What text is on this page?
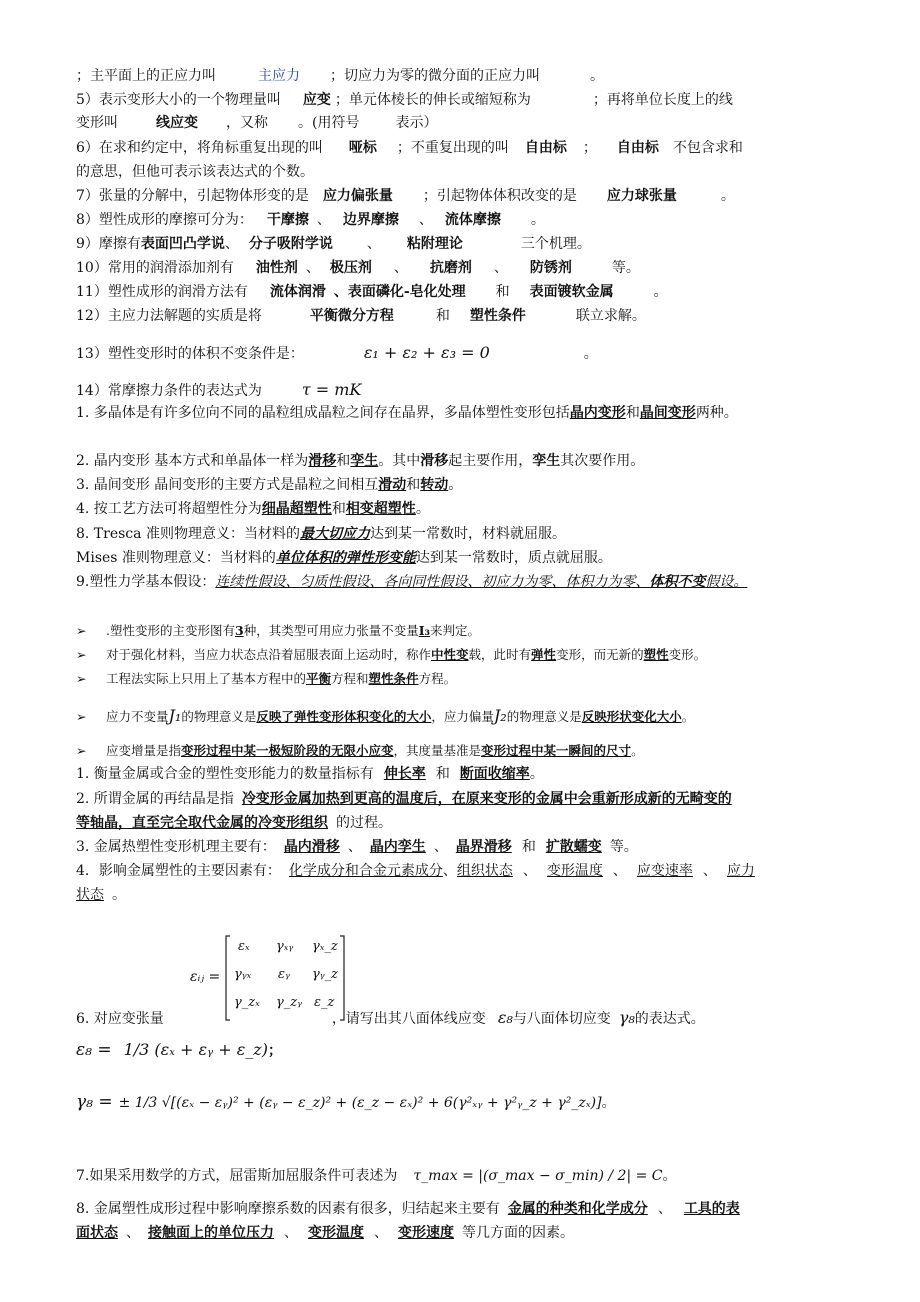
；主平面上的正应力叫	主应力 ；切应力为零的微分面的正应力叫	。
5）表示变形大小的一个物理量叫 应变 ；单元体棱长的伸长或缩短称为	；再将单位长度上的线
变形叫	线应变 ，又称 。(用符号	表示）
6）在求和约定中，将角标重复出现的叫 哑标 ；不重复出现的叫 自由标 ； 自由标 不包含求和
的意思，但他可表示该表达式的个数。
7）张量的分解中，引起物体形变的是 应力偏张量 ；引起物体体积改变的是 应力球张量	。
8）塑性成形的摩擦可分为： 干摩擦 、 边界摩擦 、 流体摩擦 。
9）摩擦有表面凹凸学说、 分子吸附学说 、 粘附理论	三个机理。
10）常用的润滑添加剂有 油性剂 、 极压剂 、 抗磨剂 、 防锈剂	等。
11）塑性成形的润滑方法有 流体润滑 、表面磷化-皂化处理 和 表面镀软金属	。
12）主应力法解题的实质是将	平衡微分方程	和 塑性条件	联立求解。
13）塑性变形时的体积不变条件是：	ε₁ + ε₂ + ε₃ = 0	。
14）常摩擦力条件的表达式为	τ = mK
1. 多晶体是有许多位向不同的晶粒组成晶粒之间存在晶界，多晶体塑性变形包括晶内变形和晶间变形两种。
2. 晶内变形 基本方式和单晶体一样为滑移和孪生。其中滑移起主要作用，孪生其次要作用。
3. 晶间变形 晶间变形的主要方式是晶粒之间相互滑动和转动。
4. 按工艺方法可将超塑性分为细晶超塑性和相变超塑性。
8. Tresca 准则物理意义：当材料的最大切应力达到某一常数时，材料就屈服。
Mises 准则物理意义：当材料的单位体积的弹性形变能达到某一常数时，质点就屈服。
9.塑性力学基本假设：连续性假设、匀质性假设、各向同性假设、初应力为零、体积力为零、体积不变假设。
➢ .塑性变形的主变形图有3种，其类型可用应力张量不变量I₃来判定。
➢ 对于强化材料，当应力状态点沿着屈服表面上运动时，称作中性变载，此时有弹性变形，而无新的塑性变形。
➢ 工程法实际上只用上了基本方程中的平衡方程和塑性条件方程。
➢ 应力不变量J₁的物理意义是反映了弹性变形体积变化的大小，应力偏量J₂的物理意义是反映形状变化大小。
➢ 应变增量是指变形过程中某一极短阶段的无限小应变，其度量基准是变形过程中某一瞬间的尺寸。
1. 衡量金属或合金的塑性变形能力的数量指标有 伸长率 和 断面收缩率。
2. 所谓金属的再结晶是指 冷变形金属加热到更高的温度后，在原来变形的金属中会重新形成新的无畸变的
等轴晶，直至完全取代金属的冷变形组织 的过程。
3. 金属热塑性变形机理主要有： 晶内滑移 、 晶内孪生 、 晶界滑移 和 扩散蠕变 等。
4．影响金属塑性的主要因素有： 化学成分和合金元素成分、组织状态 、 变形温度 、 应变速率 、 应力
状态 。
εᵢⱼ =
εₓ γₓᵧ γₓ_z
γᵧₓ εᵧ γᵧ_z
γ_zₓ γ_zᵧ ε_z
6. 对应变张量	，请写出其八面体线应变 ε₈与八面体切应变 γ₈的表达式。
ε₈ = 1/3 (εₓ + εᵧ + ε_z)；
γ₈ = ± 1/3 √[(εₓ − εᵧ)² + (εᵧ − ε_z)² + (ε_z − εₓ)² + 6(γ²ₓᵧ + γ²ᵧ_z + γ²_zₓ)]。
7.如果采用数学的方式，屈雷斯加屈服条件可表述为 τ_max = |(σ_max − σ_min) / 2| = C。
8. 金属塑性成形过程中影响摩擦系数的因素有很多，归结起来主要有 金属的种类和化学成分 、 工具的表
面状态 、 接触面上的单位压力 、 变形温度 、 变形速度 等几方面的因素。
